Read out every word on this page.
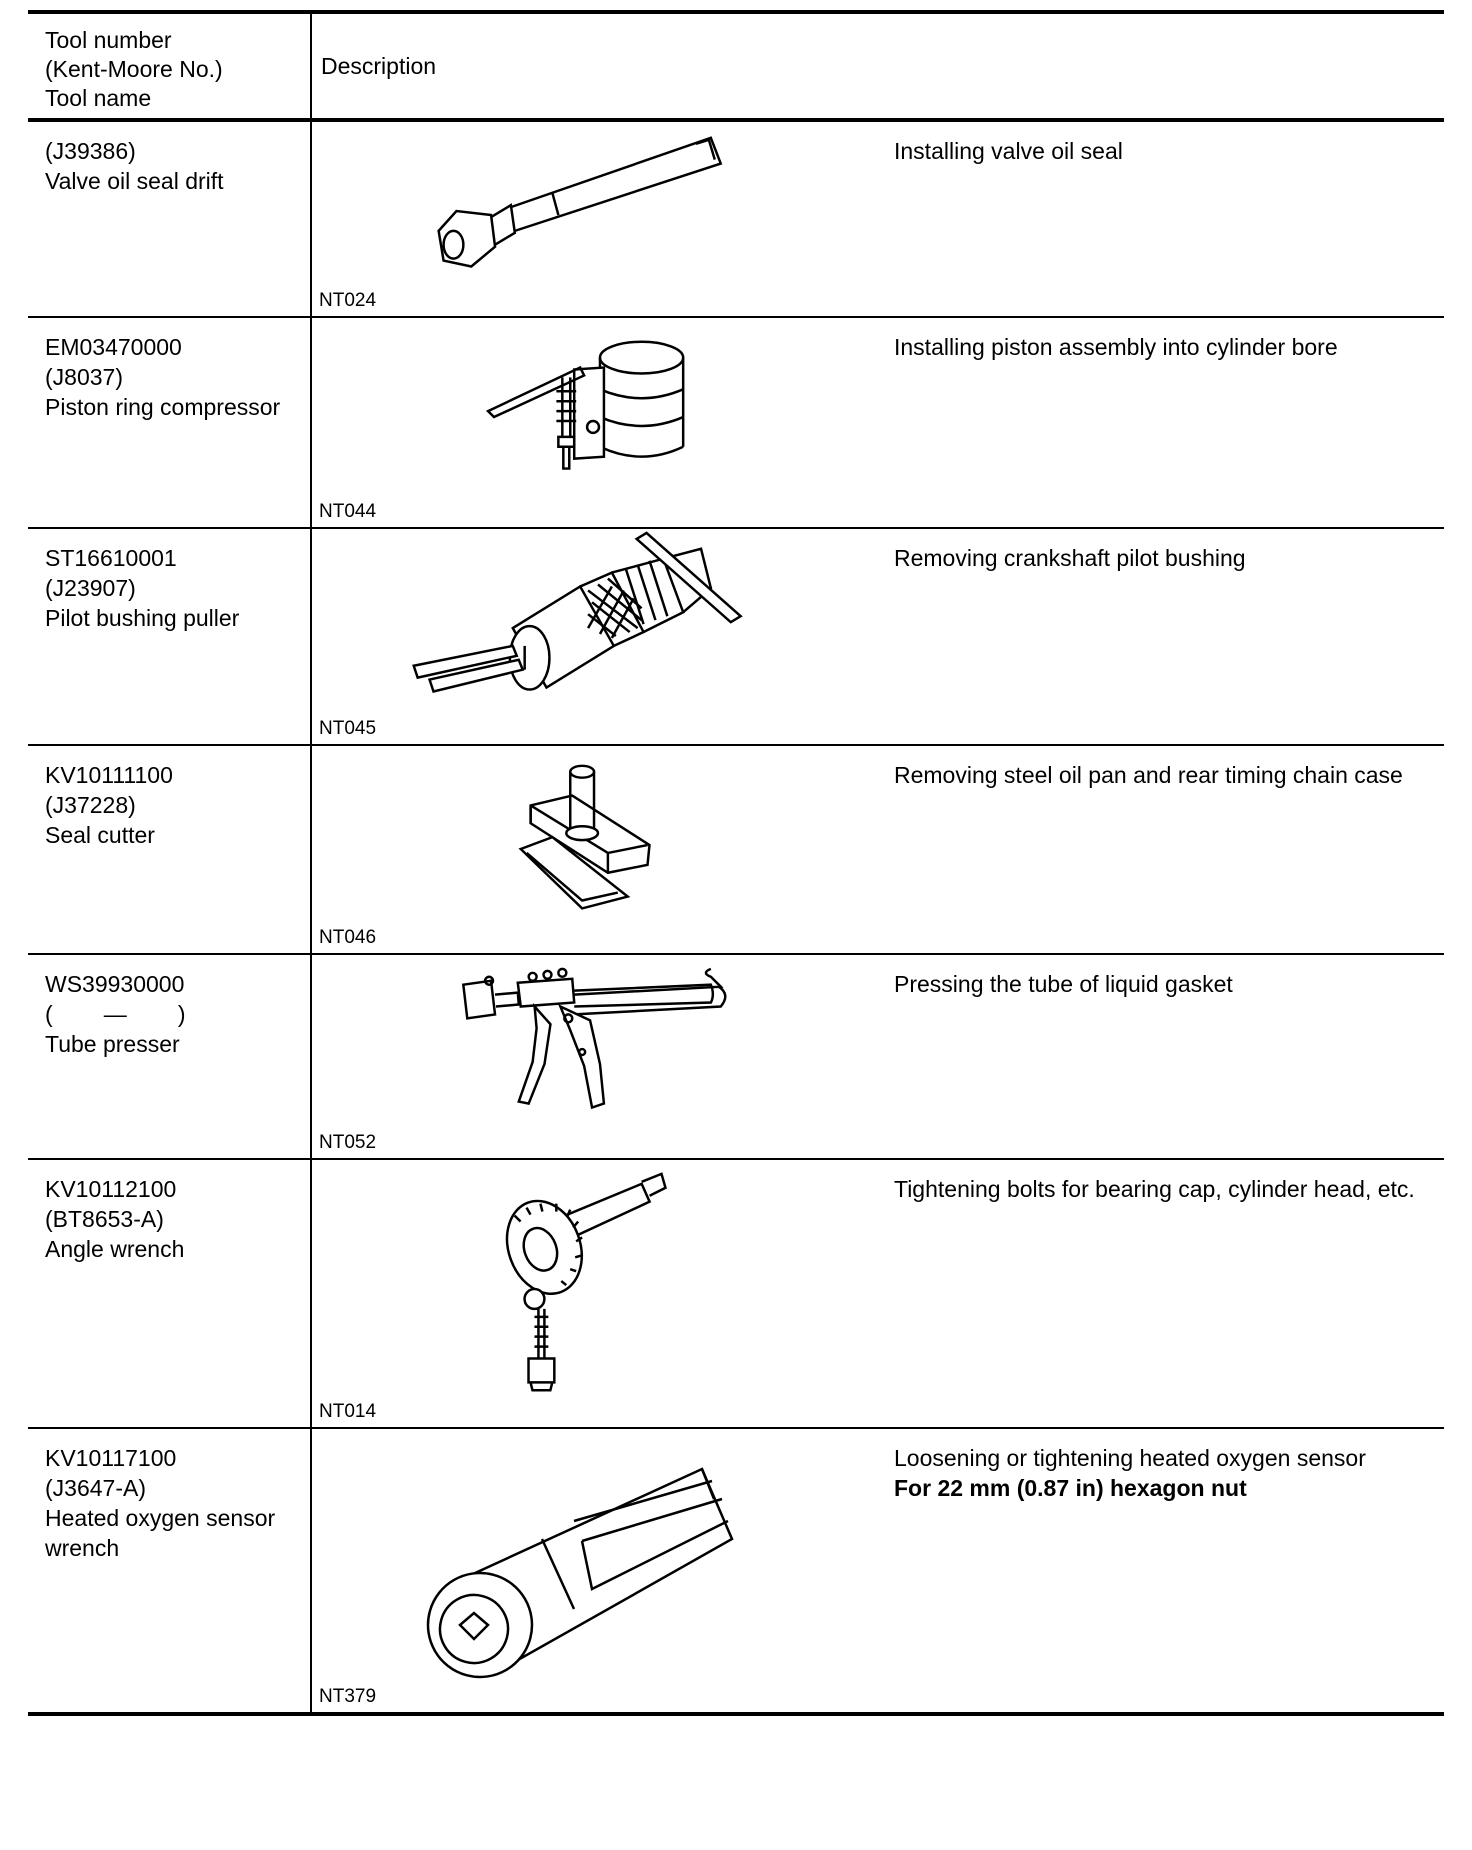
Tool number
(Kent-Moore No.)
Tool name
Description
(J39386)
Valve oil seal drift
NT024
Installing valve oil seal
EM03470000
(J8037)
Piston ring compressor
NT044
Installing piston assembly into cylinder bore
ST16610001
(J23907)
Pilot bushing puller
NT045
Removing crankshaft pilot bushing
KV10111100
(J37228)
Seal cutter
NT046
Removing steel oil pan and rear timing chain case
WS39930000
(        —        )
Tube presser
NT052
Pressing the tube of liquid gasket
KV10112100
(BT8653-A)
Angle wrench
NT014
Tightening bolts for bearing cap, cylinder head, etc.
KV10117100
(J3647-A)
Heated oxygen sensor
wrench
NT379
Loosening or tightening heated oxygen sensor
For 22 mm (0.87 in) hexagon nut
